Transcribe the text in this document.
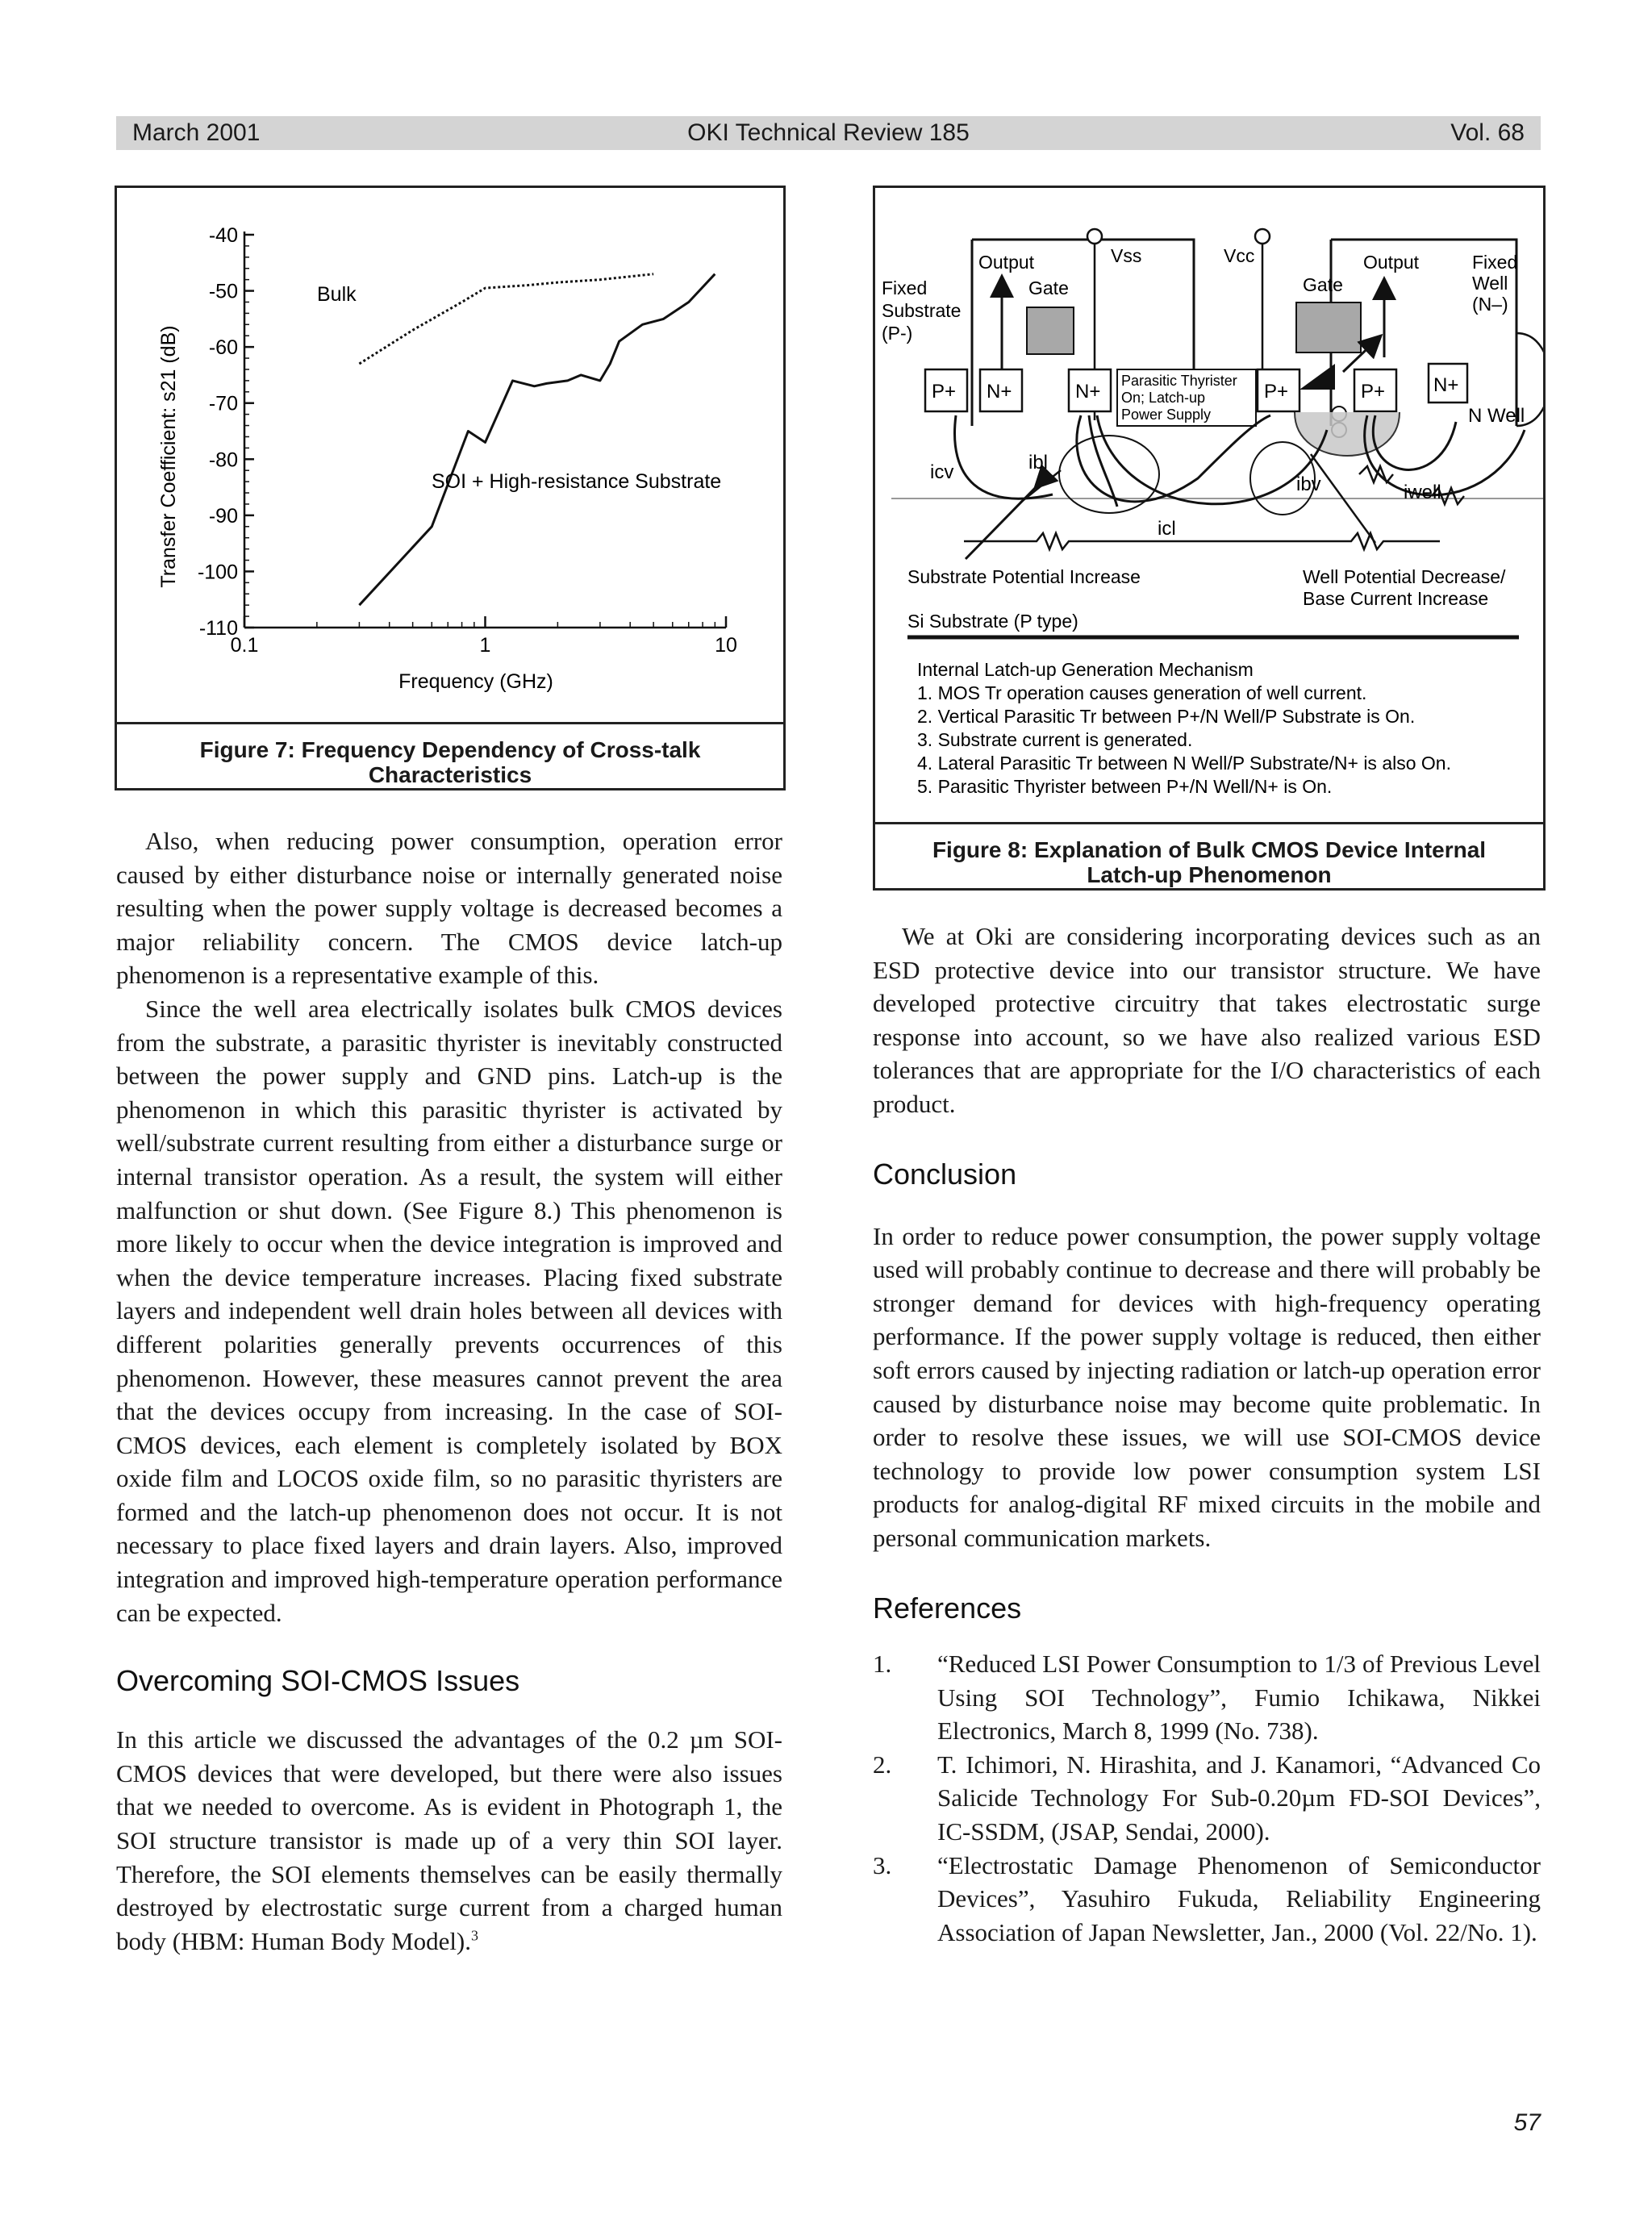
March 2001	OKI Technical Review 185	Vol. 68
-40
-50
-60
-70
-80
-90
-100
-110
0.1	1	10
Bulk
SOI + High-resistance Substrate
Frequency (GHz)
Transfer Coefficient: s21 (dB)
Figure 7: Frequency Dependency of Cross-talk
Characteristics
Fixed
Substrate
(P-)
Vss	Vcc
Output
Gate	Gate
Output	Fixed
Well
(N–)
P+ N+	N+ Parasitic Thyrister
On; Latch-up
Power Supply
P+	P+ N+
N Well
icv	ibl
ibv	iwell
icl
Substrate Potential Increase	Well Potential Decrease/
Base Current Increase
Si Substrate (P type)
Internal Latch-up Generation Mechanism
1. MOS Tr operation causes generation of well current.
2. Vertical Parasitic Tr between P+/N Well/P Substrate is On.
3. Substrate current is generated.
4. Lateral Parasitic Tr between N Well/P Substrate/N+ is also On.
5. Parasitic Thyrister between P+/N Well/N+ is On.
Figure 8: Explanation of Bulk CMOS Device Internal
Latch-up Phenomenon

Also, when reducing power consumption, operation error caused by either disturbance noise or internally generated noise resulting when the power supply voltage is decreased becomes a major reliability concern. The CMOS device latch-up phenomenon is a representative example of this.

Since the well area electrically isolates bulk CMOS devices from the substrate, a parasitic thyrister is inevitably constructed between the power supply and GND pins. Latch-up is the phenomenon in which this parasitic thyrister is activated by well/substrate current resulting from either a disturbance surge or internal transistor operation. As a result, the system will either malfunction or shut down. (See Figure 8.) This phenomenon is more likely to occur when the device integration is improved and when the device temperature increases. Placing fixed substrate layers and independent well drain holes between all devices with different polarities generally prevents occurrences of this phenomenon. However, these measures cannot prevent the area that the devices occupy from increasing. In the case of SOI-CMOS devices, each element is completely isolated by BOX oxide film and LOCOS oxide film, so no parasitic thyristers are formed and the latch-up phenomenon does not occur. It is not necessary to place fixed layers and drain layers. Also, improved integration and improved high-temperature operation performance can be expected.

Overcoming SOI-CMOS Issues

In this article we discussed the advantages of the 0.2 µm SOI-CMOS devices that were developed, but there were also issues that we needed to overcome. As is evident in Photograph 1, the SOI structure transistor is made up of a very thin SOI layer. Therefore, the SOI elements themselves can be easily thermally destroyed by electrostatic surge current from a charged human body (HBM: Human Body Model).$^3$

We at Oki are considering incorporating devices such as an ESD protective device into our transistor structure. We have developed protective circuitry that takes electrostatic surge response into account, so we have also realized various ESD tolerances that are appropriate for the I/O characteristics of each product.

Conclusion

In order to reduce power consumption, the power supply voltage used will probably continue to decrease and there will probably be stronger demand for devices with high-frequency operating performance. If the power supply voltage is reduced, then either soft errors caused by injecting radiation or latch-up operation error caused by disturbance noise may become quite problematic. In order to resolve these issues, we will use SOI-CMOS device technology to provide low power consumption system LSI products for analog-digital RF mixed circuits in the mobile and personal communication markets.

References
1. “Reduced LSI Power Consumption to 1/3 of Previous Level Using SOI Technology”, Fumio Ichikawa, Nikkei Electronics, March 8, 1999 (No. 738).
2. T. Ichimori, N. Hirashita, and J. Kanamori, “Advanced Co Salicide Technology For Sub-0.20µm FD-SOI Devices”, IC-SSDM, (JSAP, Sendai, 2000).
3. “Electrostatic Damage Phenomenon of Semiconductor Devices”, Yasuhiro Fukuda, Reliability Engineering Association of Japan Newsletter, Jan., 2000 (Vol. 22/No. 1).
57
